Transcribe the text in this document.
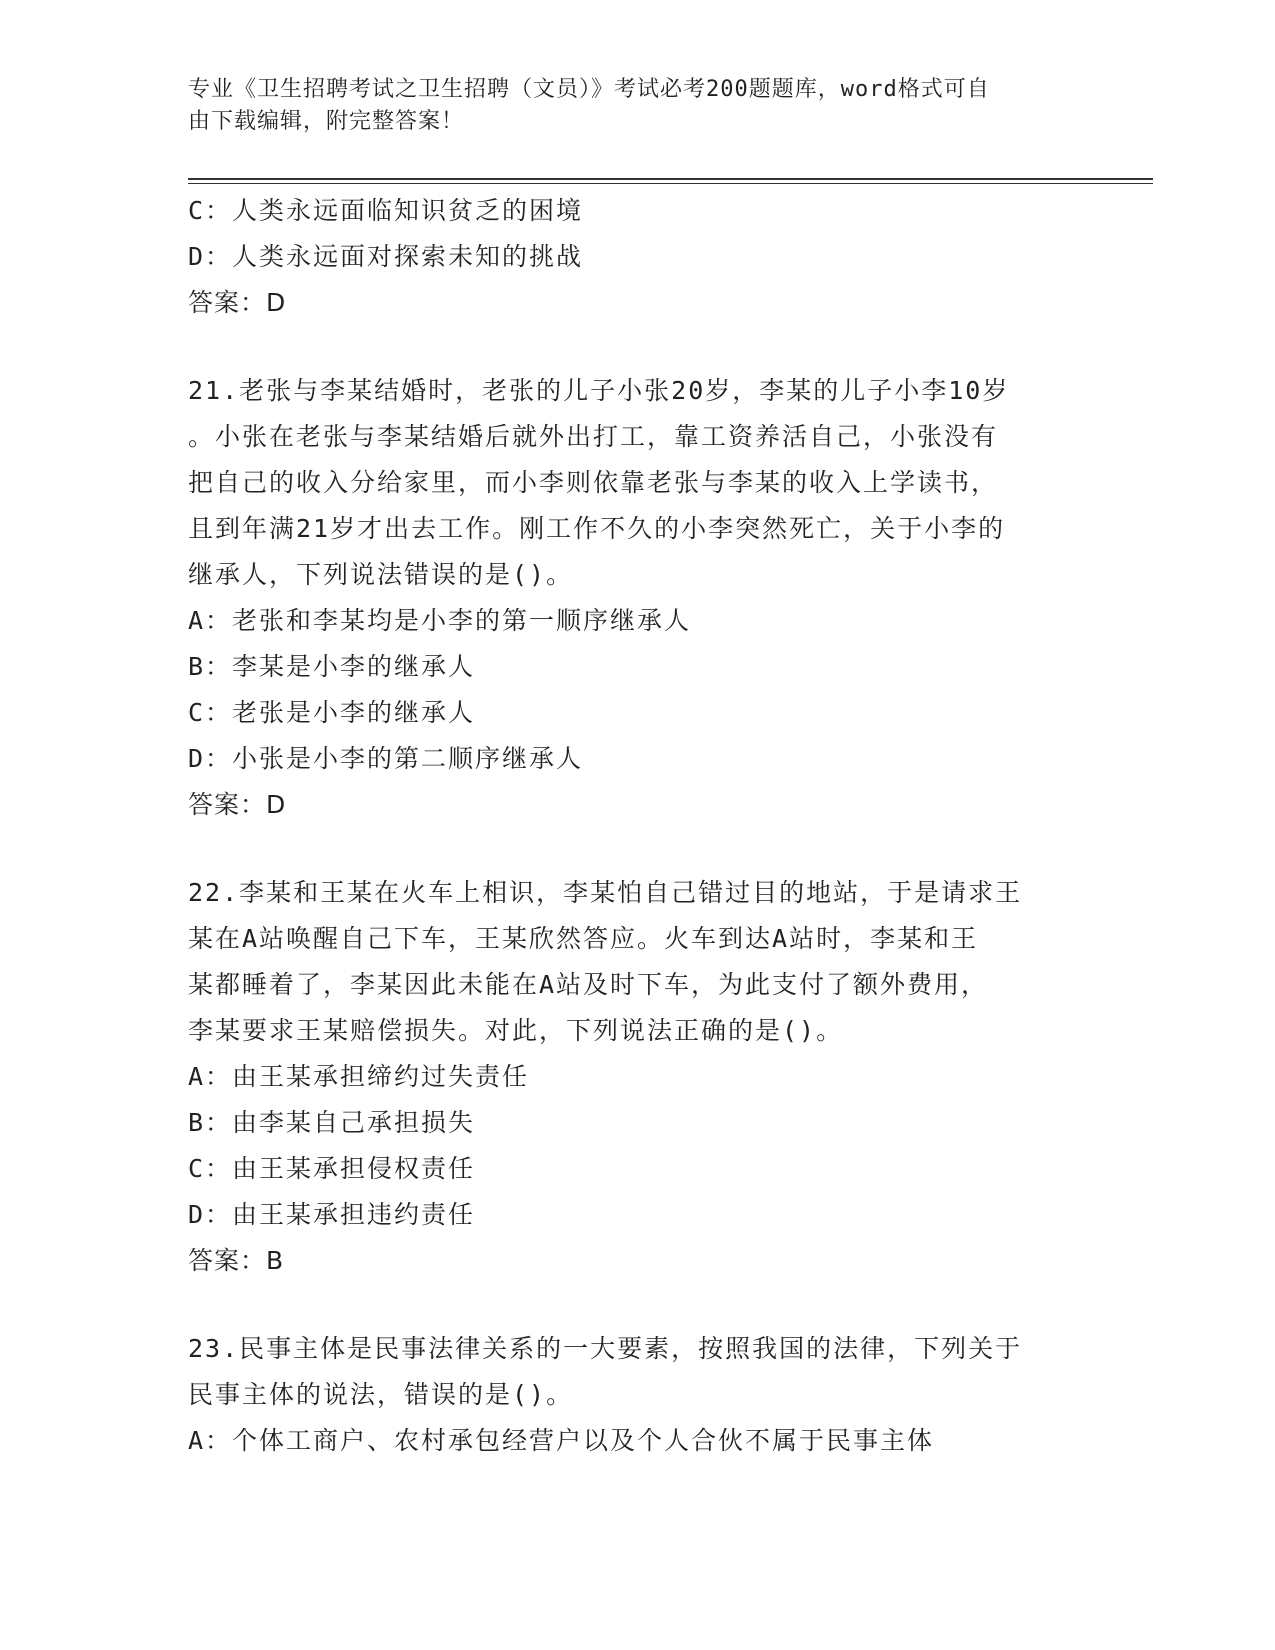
专业《卫生招聘考试之卫生招聘（文员）》考试必考200题题库，word格式可自
由下载编辑，附完整答案！
C：人类永远面临知识贫乏的困境
D：人类永远面对探索未知的挑战
答案：D
21.老张与李某结婚时，老张的儿子小张20岁，李某的儿子小李10岁
。小张在老张与李某结婚后就外出打工，靠工资养活自己，小张没有
把自己的收入分给家里，而小李则依靠老张与李某的收入上学读书，
且到年满21岁才出去工作。刚工作不久的小李突然死亡，关于小李的
继承人，下列说法错误的是()。
A：老张和李某均是小李的第一顺序继承人
B：李某是小李的继承人
C：老张是小李的继承人
D：小张是小李的第二顺序继承人
答案：D
22.李某和王某在火车上相识，李某怕自己错过目的地站，于是请求王
某在A站唤醒自己下车，王某欣然答应。火车到达A站时，李某和王
某都睡着了，李某因此未能在A站及时下车，为此支付了额外费用，
李某要求王某赔偿损失。对此，下列说法正确的是()。
A：由王某承担缔约过失责任
B：由李某自己承担损失
C：由王某承担侵权责任
D：由王某承担违约责任
答案：B
23.民事主体是民事法律关系的一大要素，按照我国的法律，下列关于
民事主体的说法，错误的是()。
A：个体工商户、农村承包经营户以及个人合伙不属于民事主体
